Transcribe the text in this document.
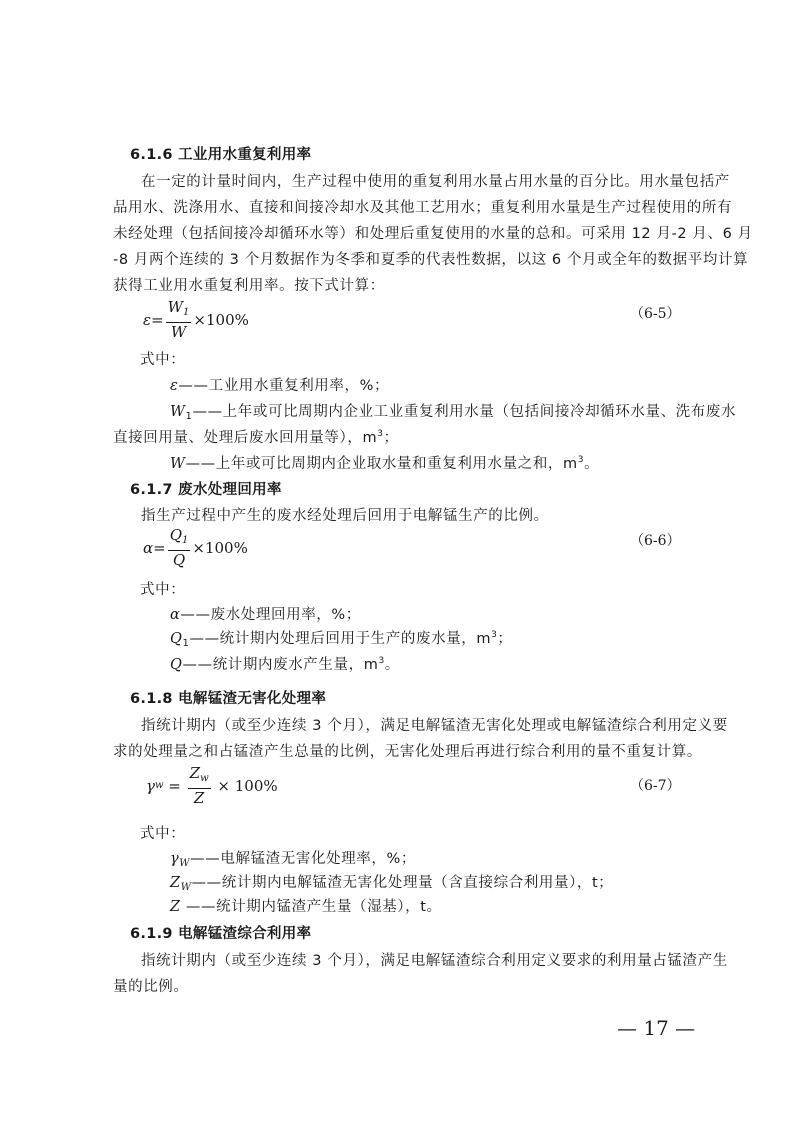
6.1.6 工业用水重复利用率
在一定的计量时间内，生产过程中使用的重复利用水量占用水量的百分比。用水量包括产
品用水、洗涤用水、直接和间接冷却水及其他工艺用水；重复利用水量是生产过程使用的所有
未经处理（包括间接冷却循环水等）和处理后重复使用的水量的总和。可采用 12 月-2 月、6 月
-8 月两个连续的 3 个月数据作为冬季和夏季的代表性数据，以这 6 个月或全年的数据平均计算
获得工业用水重复利用率。按下式计算：
$\varepsilon= \frac{W_1}{W} \times 100\%$	（6-5）
式中：
ε——工业用水重复利用率，%；
$W_1——$上年或可比周期内企业工业重复利用水量（包括间接冷却循环水量、洗布废水
直接回用量、处理后废水回用量等），$m^3$；
W——上年或可比周期内企业取水量和重复利用水量之和，$m^3$。
6.1.7 废水处理回用率
指生产过程中产生的废水经处理后回用于电解锰生产的比例。
$\alpha= \frac{Q_1}{Q} \times 100\%$	（6-6）
式中：
α——废水处理回用率，%；
$Q_1——$统计期内处理后回用于生产的废水量，$m^3$；
Q——统计期内废水产生量，$m^3$。
6.1.8 电解锰渣无害化处理率
指统计期内（或至少连续 3 个月），满足电解锰渣无害化处理或电解锰渣综合利用定义要
求的处理量之和占锰渣产生总量的比例，无害化处理后再进行综合利用的量不重复计算。
γ $w = \frac{Z_w}{Z} \times 100\%$	（6-7）
式中：
$\gamma_W——$电解锰渣无害化处理率，%；
$Z_W——$统计期内电解锰渣无害化处理量（含直接综合利用量），t；
Z ——统计期内锰渣产生量（湿基），t。
6.1.9 电解锰渣综合利用率
指统计期内（或至少连续 3 个月），满足电解锰渣综合利用定义要求的利用量占锰渣产生
量的比例。
— 17 —
